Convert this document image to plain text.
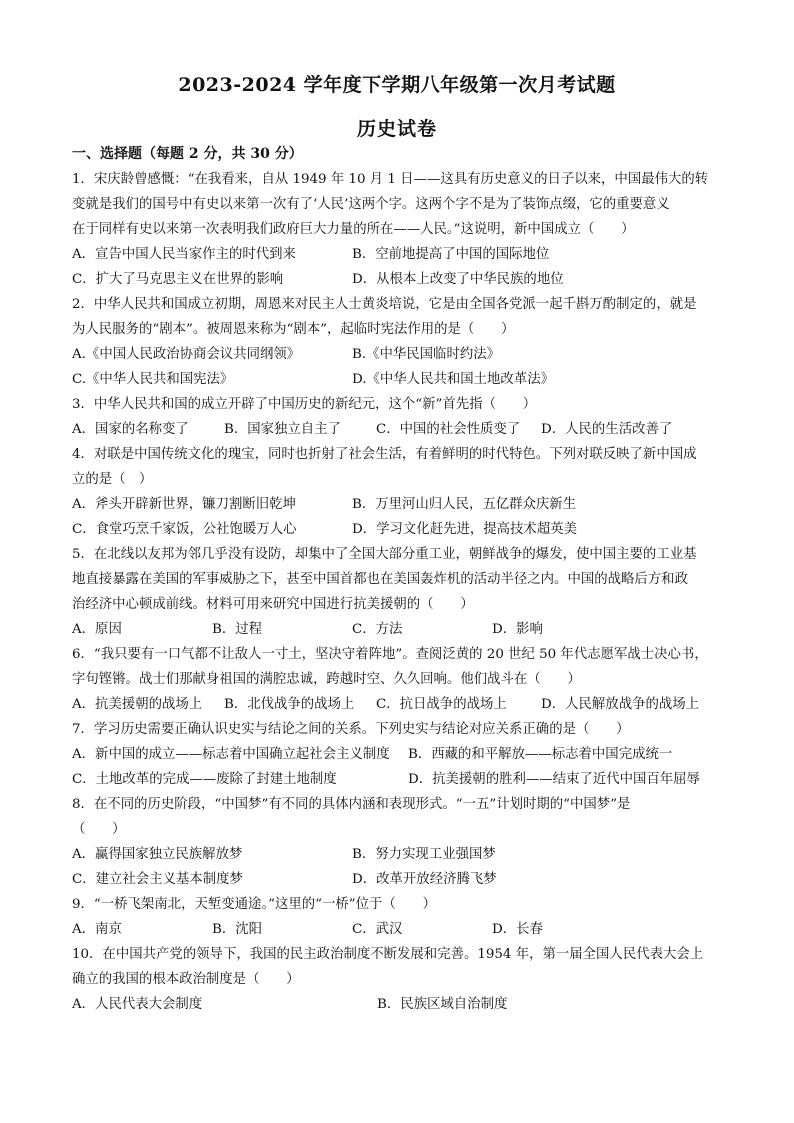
2023-2024 学年度下学期八年级第一次月考试题
历史试卷
一、选择题（每题 2 分，共 30 分）
1．宋庆龄曾感慨：“在我看来，自从 1949 年 10 月 1 日——这具有历史意义的日子以来，中国最伟大的转
变就是我们的国号中有史以来第一次有了‘人民’这两个字。这两个字不是为了装饰点缀，它的重要意义
在于同样有史以来第一次表明我们政府巨大力量的所在——人民。”这说明，新中国成立（　　）
A．宣告中国人民当家作主的时代到来	B．空前地提高了中国的国际地位
C．扩大了马克思主义在世界的影响	D．从根本上改变了中华民族的地位
2．中华人民共和国成立初期，周恩来对民主人士黄炎培说，它是由全国各党派一起千斟万酌制定的，就是
为人民服务的“剧本”。被周恩来称为“剧本”，起临时宪法作用的是（　　）
A.《中国人民政治协商会议共同纲领》	B.《中华民国临时约法》
C.《中华人民共和国宪法》	D.《中华人民共和国土地改革法》
3．中华人民共和国的成立开辟了中国历史的新纪元，这个“新”首先指（　　）
A．国家的名称变了	B．国家独立自主了	C．中国的社会性质变了	D．人民的生活改善了
4．对联是中国传统文化的瑰宝，同时也折射了社会生活，有着鲜明的时代特色。下列对联反映了新中国成
立的是（　）
A．斧头开辟新世界，镰刀割断旧乾坤	B．万里河山归人民，五亿群众庆新生
C．食堂巧烹千家饭，公社饱暖万人心	D．学习文化赶先进，提高技术超英美
5．在北线以友邦为邻几乎没有设防，却集中了全国大部分重工业，朝鲜战争的爆发，使中国主要的工业基
地直接暴露在美国的军事威胁之下，甚至中国首都也在美国轰炸机的活动半径之内。中国的战略后方和政
治经济中心顿成前线。材料可用来研究中国进行抗美援朝的（　　）
A．原因	B．过程	C．方法	D．影响
6．“我只要有一口气都不让敌人一寸土，坚决守着阵地”。查阅泛黄的 20 世纪 50 年代志愿军战士决心书，
字句铿锵。战士们那献身祖国的满腔忠诚，跨越时空、久久回响。他们战斗在（　　）
A．抗美援朝的战场上	B．北伐战争的战场上	C．抗日战争的战场上	D．人民解放战争的战场上
7．学习历史需要正确认识史实与结论之间的关系。下列史实与结论对应关系正确的是（　　）
A．新中国的成立——标志着中国确立起社会主义制度	B．西藏的和平解放——标志着中国完成统一
C．土地改革的完成——废除了封建土地制度	D．抗美援朝的胜利——结束了近代中国百年屈辱
8．在不同的历史阶段，“中国梦”有不同的具体内涵和表现形式。“一五”计划时期的“中国梦”是
（　　）
A．赢得国家独立民族解放梦	B．努力实现工业强国梦
C．建立社会主义基本制度梦	D．改革开放经济腾飞梦
9．“一桥飞架南北，天堑变通途。”这里的“一桥”位于（　　）
A．南京	B．沈阳	C．武汉	D．长春
10．在中国共产党的领导下，我国的民主政治制度不断发展和完善。1954 年，第一届全国人民代表大会上
确立的我国的根本政治制度是（　　）
A．人民代表大会制度	B．民族区域自治制度
